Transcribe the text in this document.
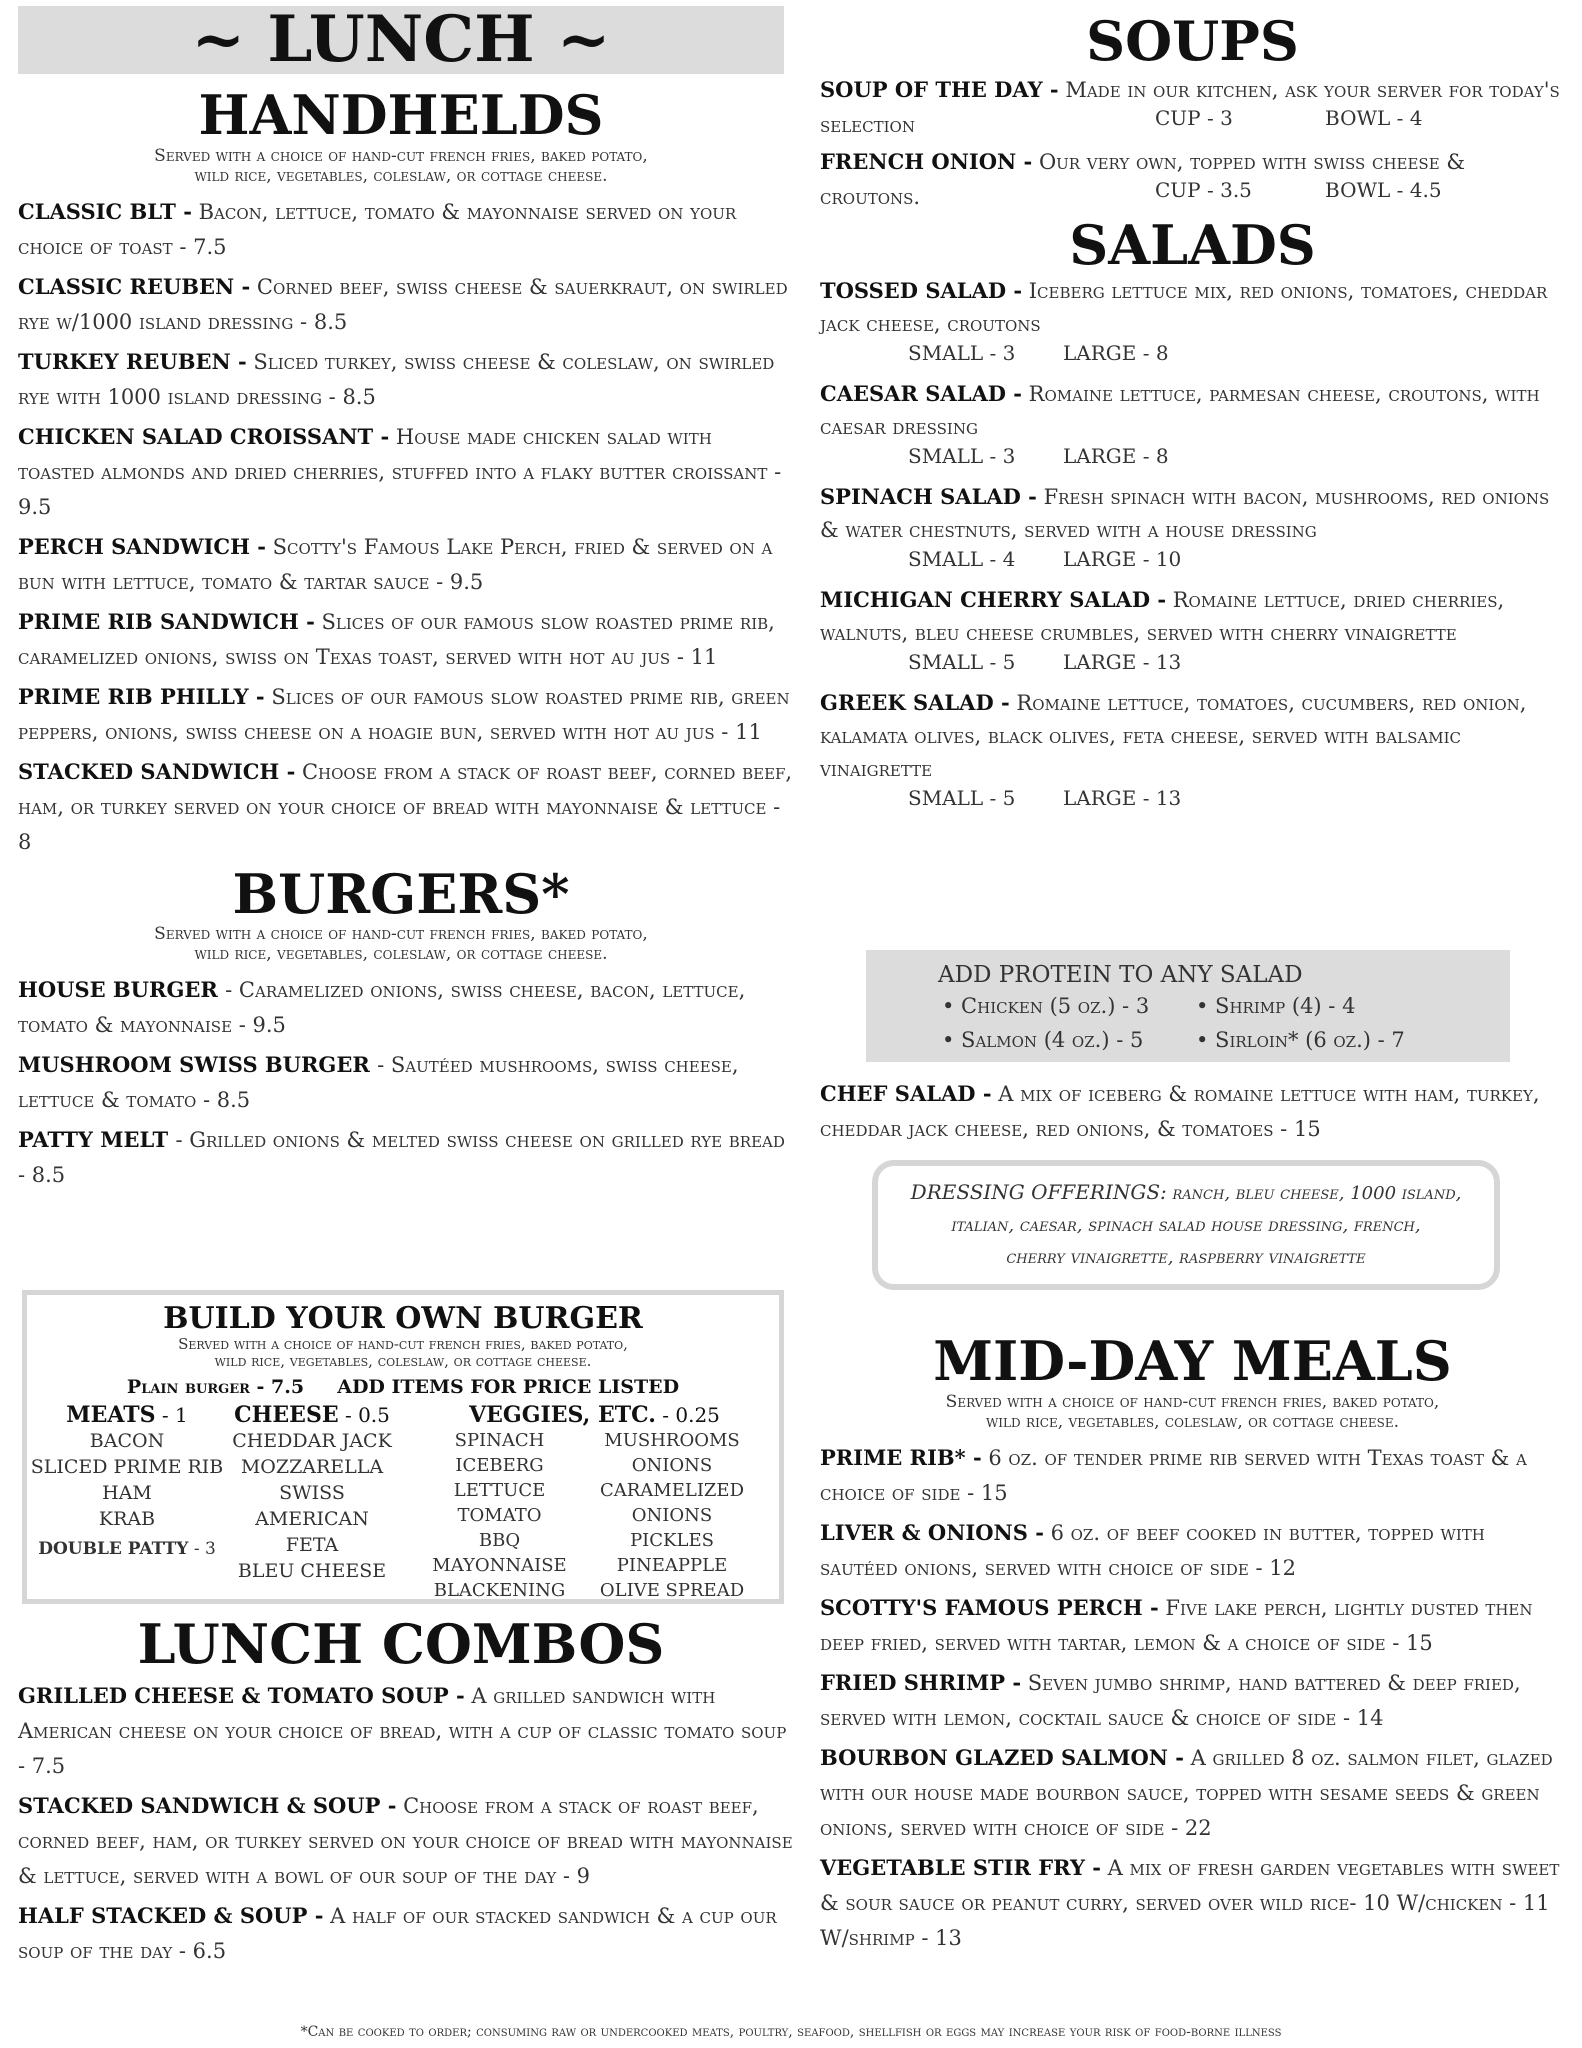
~ LUNCH ~
HANDHELDS

Served with a choice of hand-cut french fries, baked potato,

wild rice, vegetables, coleslaw, or cottage cheese.

CLASSIC BLT - Bacon, lettuce, tomato & mayonnaise served on your choice of toast - 7.5

CLASSIC REUBEN - Corned beef, swiss cheese & sauerkraut, on swirled rye w/1000 island dressing - 8.5

TURKEY REUBEN - Sliced turkey, swiss cheese & coleslaw, on swirled rye with 1000 island dressing - 8.5

CHICKEN SALAD CROISSANT - House made chicken salad with toasted almonds and dried cherries, stuffed into a flaky butter croissant - 9.5

PERCH SANDWICH - Scotty's Famous Lake Perch, fried & served on a bun with lettuce, tomato & tartar sauce - 9.5

PRIME RIB SANDWICH - Slices of our famous slow roasted prime rib, caramelized onions, swiss on Texas toast, served with hot au jus - 11

PRIME RIB PHILLY - Slices of our famous slow roasted prime rib, green peppers, onions, swiss cheese on a hoagie bun, served with hot au jus - 11

STACKED SANDWICH - Choose from a stack of roast beef, corned beef, ham, or turkey served on your choice of bread with mayonnaise & lettuce - 8

BURGERS*

Served with a choice of hand-cut french fries, baked potato,

wild rice, vegetables, coleslaw, or cottage cheese.

HOUSE BURGER - Caramelized onions, swiss cheese, bacon, lettuce, tomato & mayonnaise - 9.5

MUSHROOM SWISS BURGER - Sautéed mushrooms, swiss cheese, lettuce & tomato - 8.5

PATTY MELT - Grilled onions & melted swiss cheese on grilled rye bread - 8.5

BUILD YOUR OWN BURGER

Served with a choice of hand-cut french fries, baked potato,

wild rice, vegetables, coleslaw, or cottage cheese.

Plain burger - 7.5 ADD ITEMS FOR PRICE LISTED
MEATS - 1
BACON
SLICED PRIME RIB
HAM
KRAB
DOUBLE PATTY - 3
CHEESE - 0.5
CHEDDAR JACK
MOZZARELLA
SWISS
AMERICAN
FETA
BLEU CHEESE
VEGGIES, ETC. - 0.25
SPINACH
ICEBERG LETTUCE
TOMATO
BBQ
MAYONNAISE
BLACKENING
MUSHROOMS
ONIONS
CARAMELIZED ONIONS
PICKLES
PINEAPPLE
OLIVE SPREAD
LUNCH COMBOS

GRILLED CHEESE & TOMATO SOUP - A grilled sandwich with American cheese on your choice of bread, with a cup of classic tomato soup - 7.5

STACKED SANDWICH & SOUP - Choose from a stack of roast beef, corned beef, ham, or turkey served on your choice of bread with mayonnaise & lettuce, served with a bowl of our soup of the day - 9

HALF STACKED & SOUP - A half of our stacked sandwich & a cup our soup of the day - 6.5

SOUPS

SOUP OF THE DAY - Made in our kitchen, ask your server for today's selection	CUP - 3	BOWL - 4

FRENCH ONION - Our very own, topped with swiss cheese & croutons.	CUP - 3.5	BOWL - 4.5
SALADS

TOSSED SALAD - Iceberg lettuce mix, red onions, tomatoes, cheddar jack cheese, croutons

SMALL - 3 LARGE - 8

CAESAR SALAD - Romaine lettuce, parmesan cheese, croutons, with caesar dressing

SMALL - 3 LARGE - 8

SPINACH SALAD - Fresh spinach with bacon, mushrooms, red onions & water chestnuts, served with a house dressing

SMALL - 4 LARGE - 10

MICHIGAN CHERRY SALAD - Romaine lettuce, dried cherries, walnuts, bleu cheese crumbles, served with cherry vinaigrette

SMALL - 5 LARGE - 13

GREEK SALAD - Romaine lettuce, tomatoes, cucumbers, red onion, kalamata olives, black olives, feta cheese, served with balsamic vinaigrette

SMALL - 5 LARGE - 13
ADD PROTEIN TO ANY SALAD
• Chicken (5 oz.) - 3 • Shrimp (4) - 4
• Salmon (4 oz.) - 5	• Sirloin* (6 oz.) - 7

CHEF SALAD - A mix of iceberg & romaine lettuce with ham, turkey, cheddar jack cheese, red onions, & tomatoes - 15

DRESSING OFFERINGS: ranch, bleu cheese, 1000 island,
italian, caesar, spinach salad house dressing, french,
cherry vinaigrette, raspberry vinaigrette
MID-DAY MEALS

Served with a choice of hand-cut french fries, baked potato,

wild rice, vegetables, coleslaw, or cottage cheese.

PRIME RIB* - 6 oz. of tender prime rib served with Texas toast & a choice of side - 15

LIVER & ONIONS - 6 oz. of beef cooked in butter, topped with sautéed onions, served with choice of side - 12

SCOTTY'S FAMOUS PERCH - Five lake perch, lightly dusted then deep fried, served with tartar, lemon & a choice of side - 15

FRIED SHRIMP - Seven jumbo shrimp, hand battered & deep fried, served with lemon, cocktail sauce & choice of side - 14

BOURBON GLAZED SALMON - A grilled 8 oz. salmon filet, glazed with our house made bourbon sauce, topped with sesame seeds & green onions, served with choice of side - 22

VEGETABLE STIR FRY - A mix of fresh garden vegetables with sweet & sour sauce or peanut curry, served over wild rice- 10 W/chicken - 11 W/shrimp - 13

*Can be cooked to order; consuming raw or undercooked meats, poultry, seafood, shellfish or eggs may increase your risk of food-borne illness
